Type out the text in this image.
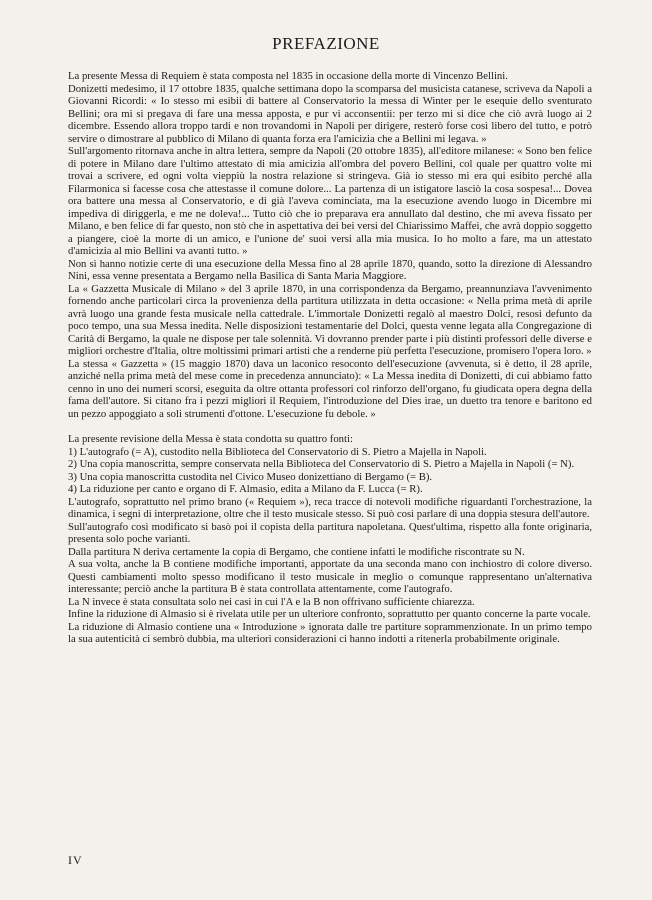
PREFAZIONE

La presente Messa di Requiem è stata composta nel 1835 in occasione della morte di Vincenzo Bellini.

Donizetti medesimo, il 17 ottobre 1835, qualche settimana dopo la scomparsa del musicista catanese, scriveva da Napoli a Giovanni Ricordi: « Io stesso mi esibii di battere al Conservatorio la messa di Winter per le esequie dello sventurato Bellini; ora mi si pregava di fare una messa apposta, e pur vi acconsentii: per terzo mi si dice che ciò avrà luogo ai 2 dicembre. Essendo allora troppo tardi e non trovandomi in Napoli per dirigere, resterò forse così libero del tutto, e potrò servire o dimostrare al pubblico di Milano di quanta forza era l'amicizia che a Bellini mi legava. »

Sull'argomento ritornava anche in altra lettera, sempre da Napoli (20 ottobre 1835), all'editore milanese: « Sono ben felice di potere in Milano dare l'ultimo attestato di mia amicizia all'ombra del povero Bellini, col quale per quattro volte mi trovai a scrivere, ed ogni volta vieppiù la nostra relazione si stringeva. Già io stesso mi era qui esibito perché alla Filarmonica si facesse cosa che attestasse il comune dolore... La partenza di un istigatore lasciò la cosa sospesa!... Dovea ora battere una messa al Conservatorio, e di già l'aveva cominciata, ma la esecuzione avendo luogo in Dicembre mi impediva di diriggerla, e me ne doleva!... Tutto ciò che io preparava era annullato dal destino, che mi aveva fissato per Milano, e ben felice di far questo, non stò che in aspettativa dei bei versi del Chiarissimo Maffei, che avrà doppio soggetto a piangere, cioè la morte di un amico, e l'unione de' suoi versi alla mia musica. Io ho molto a fare, ma un attestato d'amicizia al mio Bellini va avanti tutto. »

Non si hanno notizie certe di una esecuzione della Messa fino al 28 aprile 1870, quando, sotto la direzione di Alessandro Nini, essa venne presentata a Bergamo nella Basilica di Santa Maria Maggiore.

La « Gazzetta Musicale di Milano » del 3 aprile 1870, in una corrispondenza da Bergamo, preannunziava l'avvenimento fornendo anche particolari circa la provenienza della partitura utilizzata in detta occasione: « Nella prima metà di aprile avrà luogo una grande festa musicale nella cattedrale. L'immortale Donizetti regalò al maestro Dolci, resosi defunto da poco tempo, una sua Messa inedita. Nelle disposizioni testamentarie del Dolci, questa venne legata alla Congregazione di Carità di Bergamo, la quale ne dispose per tale solennità. Vi dovranno prender parte i più distinti professori delle diverse e migliori orchestre d'Italia, oltre moltissimi primari artisti che a renderne più perfetta l'esecuzione, promisero l'opera loro. »

La stessa « Gazzetta » (15 maggio 1870) dava un laconico resoconto dell'esecuzione (avvenuta, si è detto, il 28 aprile, anziché nella prima metà del mese come in precedenza annunciato): « La Messa inedita di Donizetti, di cui abbiamo fatto cenno in uno dei numeri scorsi, eseguita da oltre ottanta professori col rinforzo dell'organo, fu giudicata opera degna della fama dell'autore. Si citano fra i pezzi migliori il Requiem, l'introduzione del Dies irae, un duetto tra tenore e baritono ed un pezzo appoggiato a soli strumenti d'ottone. L'esecuzione fu debole. »

La presente revisione della Messa è stata condotta su quattro fonti:

1) L'autografo (= A), custodito nella Biblioteca del Conservatorio di S. Pietro a Majella in Napoli.

2) Una copia manoscritta, sempre conservata nella Biblioteca del Conservatorio di S. Pietro a Majella in Napoli (= N).

3) Una copia manoscritta custodita nel Civico Museo donizettiano di Bergamo (= B).

4) La riduzione per canto e organo di F. Almasio, edita a Milano da F. Lucca (= R).

L'autografo, soprattutto nel primo brano (« Requiem »), reca tracce di notevoli modifiche riguardanti l'orchestrazione, la dinamica, i segni di interpretazione, oltre che il testo musicale stesso. Si può così parlare di una doppia stesura dell'autore.

Sull'autografo così modificato si basò poi il copista della partitura napoletana. Quest'ultima, rispetto alla fonte originaria, presenta solo poche varianti.

Dalla partitura N deriva certamente la copia di Bergamo, che contiene infatti le modifiche riscontrate su N.

A sua volta, anche la B contiene modifiche importanti, apportate da una seconda mano con inchiostro di colore diverso. Questi cambiamenti molto spesso modificano il testo musicale in meglio o comunque rappresentano un'alternativa interessante; perciò anche la partitura B è stata controllata attentamente, come l'autografo.

La N invece è stata consultata solo nei casi in cui l'A e la B non offrivano sufficiente chiarezza.

Infine la riduzione di Almasio si è rivelata utile per un ulteriore confronto, soprattutto per quanto concerne la parte vocale.

La riduzione di Almasio contiene una « Introduzione » ignorata dalle tre partiture soprammenzionate. In un primo tempo la sua autenticità ci sembrò dubbia, ma ulteriori considerazioni ci hanno indotti a ritenerla probabilmente originale.

IV
